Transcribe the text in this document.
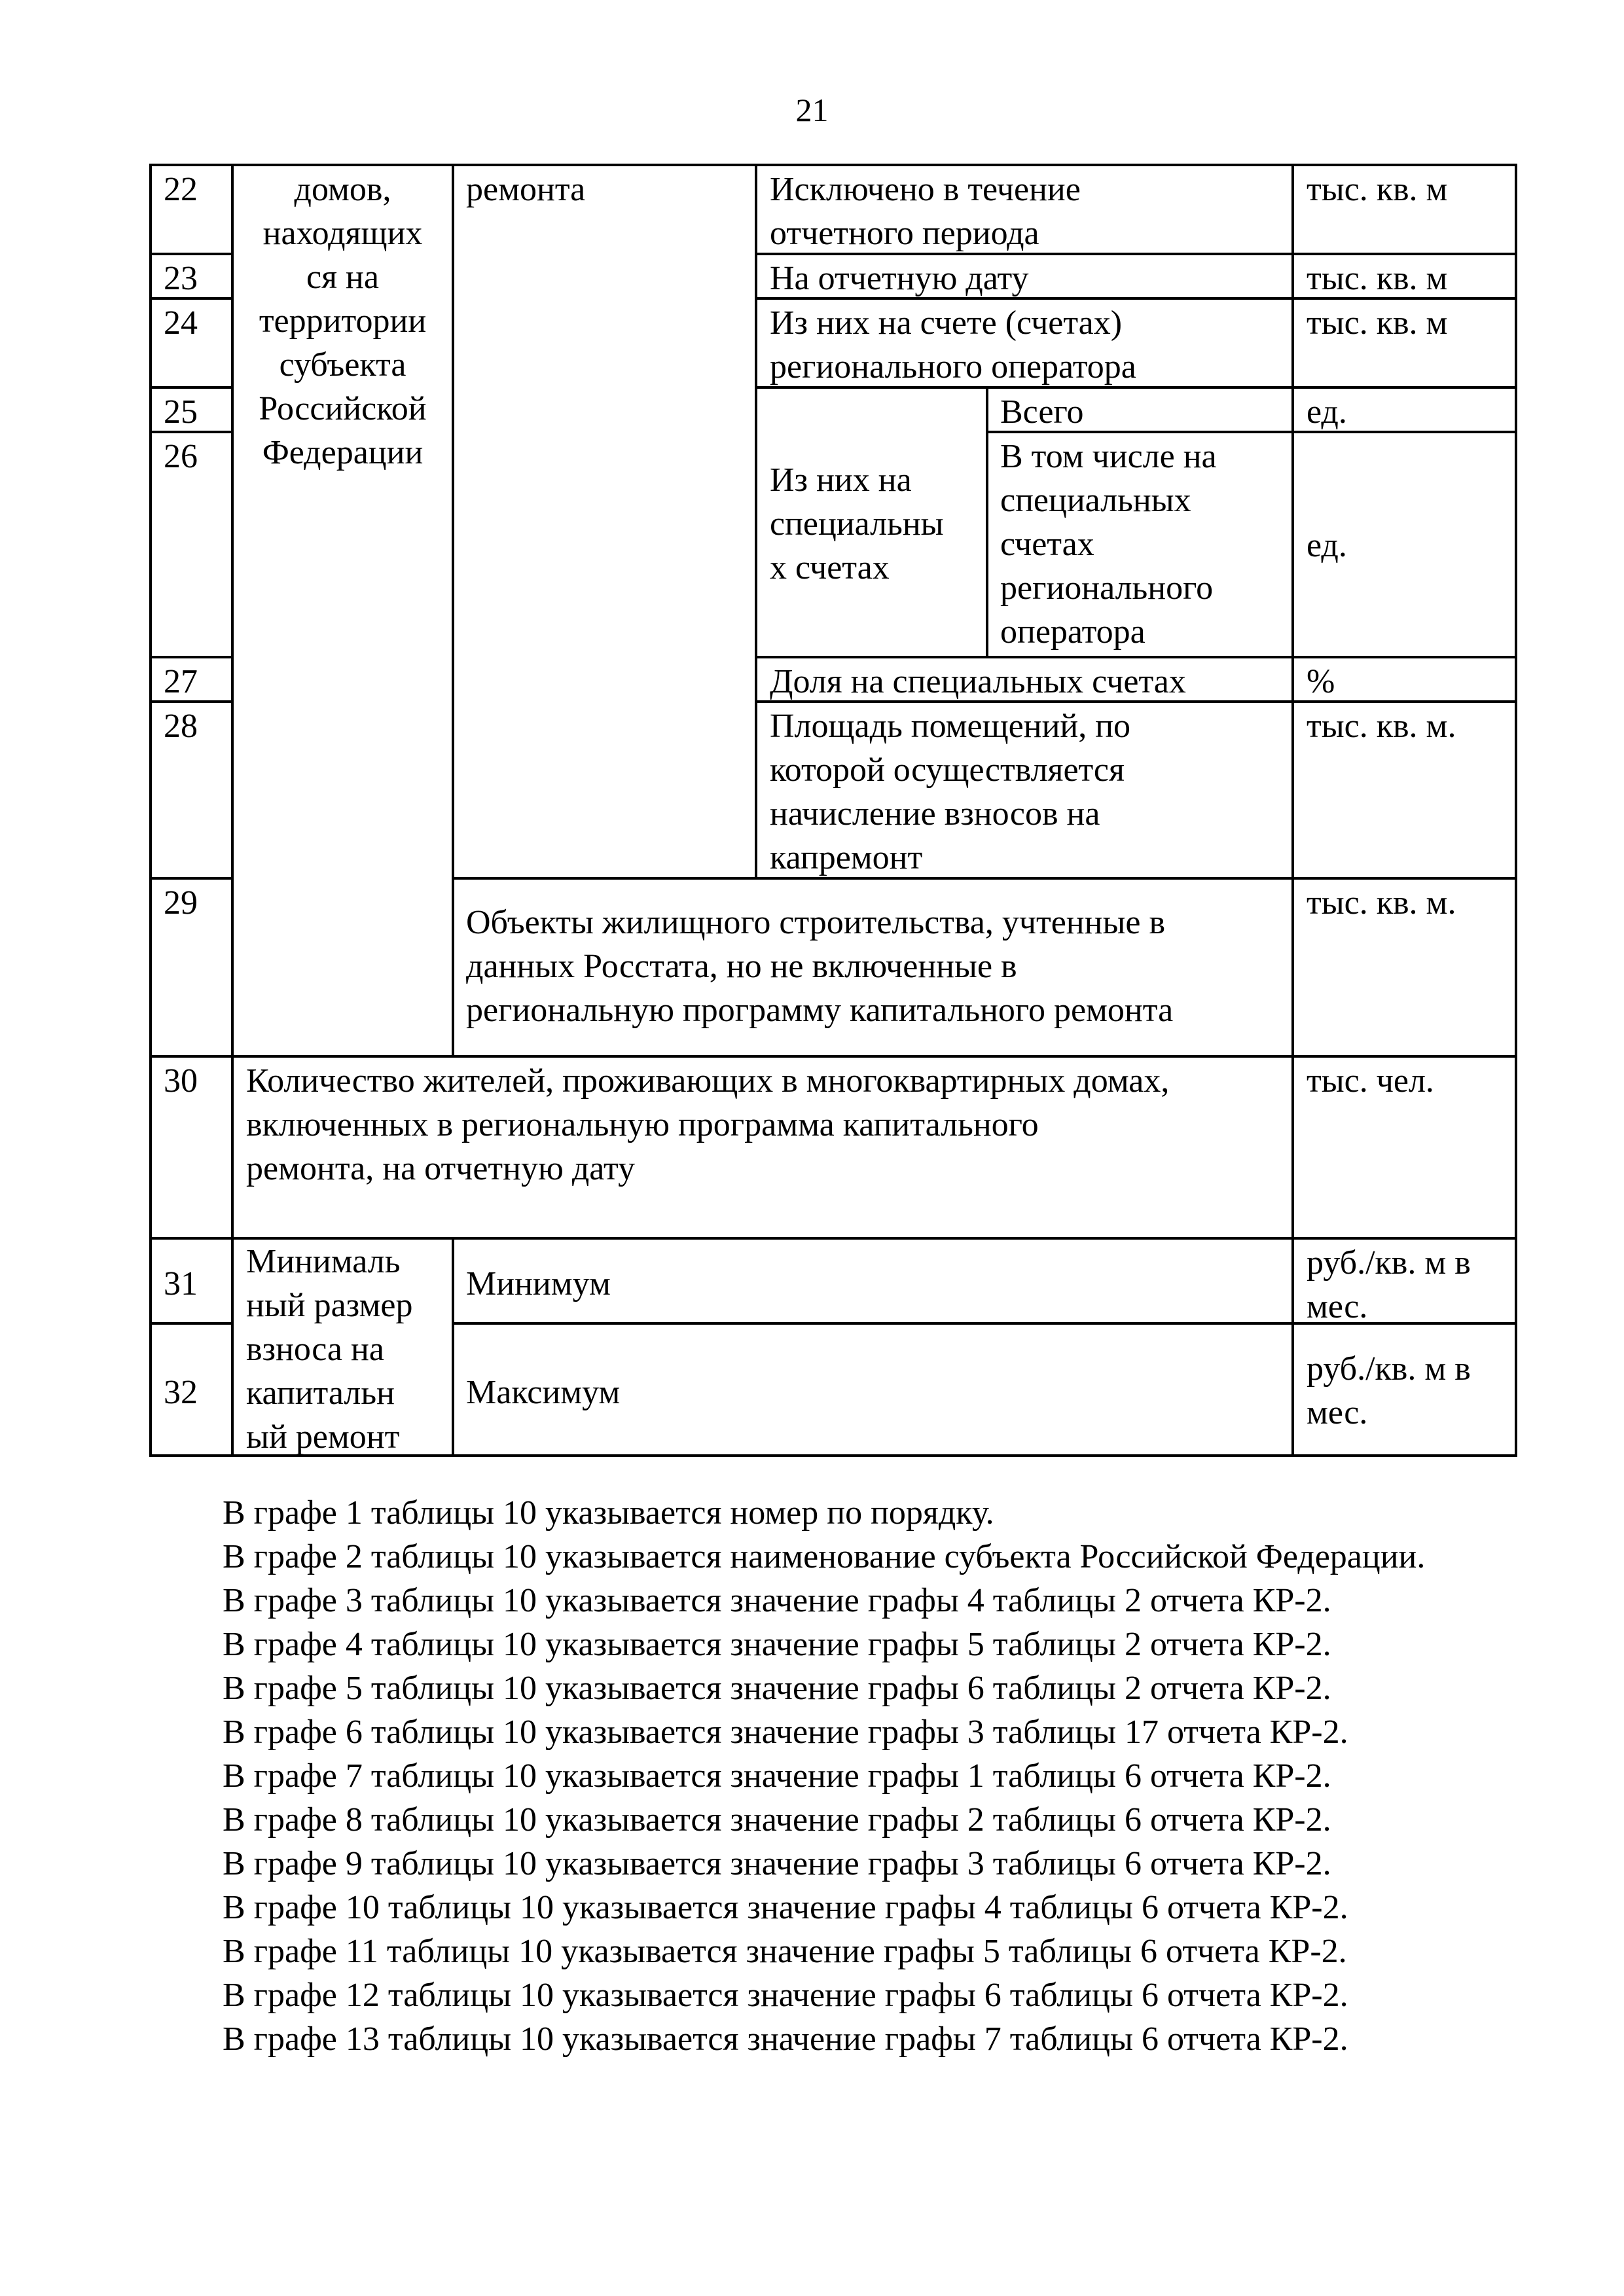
21
22
23
24
25
26
27
28
29
30
31
32
домов,
находящих
ся на
территории
субъекта
Российской
Федерации
ремонта	Исключено в течение
отчетного периода
На отчетную дату
Из них на счете (счетах)
регионального оператора
Из них на
специальны
х счетах
Всего
В том числе на
специальных
счетах
регионального
оператора
Доля на специальных счетах
Площадь помещений, по
которой осуществляется
начисление взносов на
капремонт
Объекты жилищного строительства, учтенные в
данных Росстата, но не включенные в
региональную программу капитального ремонта
Количество жителей, проживающих в многоквартирных домах,
включенных в региональную программа капитального
ремонта, на отчетную дату
Минималь
ный размер
взноса на
капитальн
ый ремонт
Минимум
Максимум
тыс. кв. м
тыс. кв. м
тыс. кв. м
ед.
ед.
%
тыс. кв. м.
тыс. кв. м.
тыс. чел.
руб./кв. м в
мес.
руб./кв. м в
мес.

В графе 1 таблицы 10 указывается номер по порядку.

В графе 2 таблицы 10 указывается наименование субъекта Российской Федерации.

В графе 3 таблицы 10 указывается значение графы 4 таблицы 2 отчета КР-2.

В графе 4 таблицы 10 указывается значение графы 5 таблицы 2 отчета КР-2.

В графе 5 таблицы 10 указывается значение графы 6 таблицы 2 отчета КР-2.

В графе 6 таблицы 10 указывается значение графы 3 таблицы 17 отчета КР-2.

В графе 7 таблицы 10 указывается значение графы 1 таблицы 6 отчета КР-2.

В графе 8 таблицы 10 указывается значение графы 2 таблицы 6 отчета КР-2.

В графе 9 таблицы 10 указывается значение графы 3 таблицы 6 отчета КР-2.

В графе 10 таблицы 10 указывается значение графы 4 таблицы 6 отчета КР-2.

В графе 11 таблицы 10 указывается значение графы 5 таблицы 6 отчета КР-2.

В графе 12 таблицы 10 указывается значение графы 6 таблицы 6 отчета КР-2.

В графе 13 таблицы 10 указывается значение графы 7 таблицы 6 отчета КР-2.
